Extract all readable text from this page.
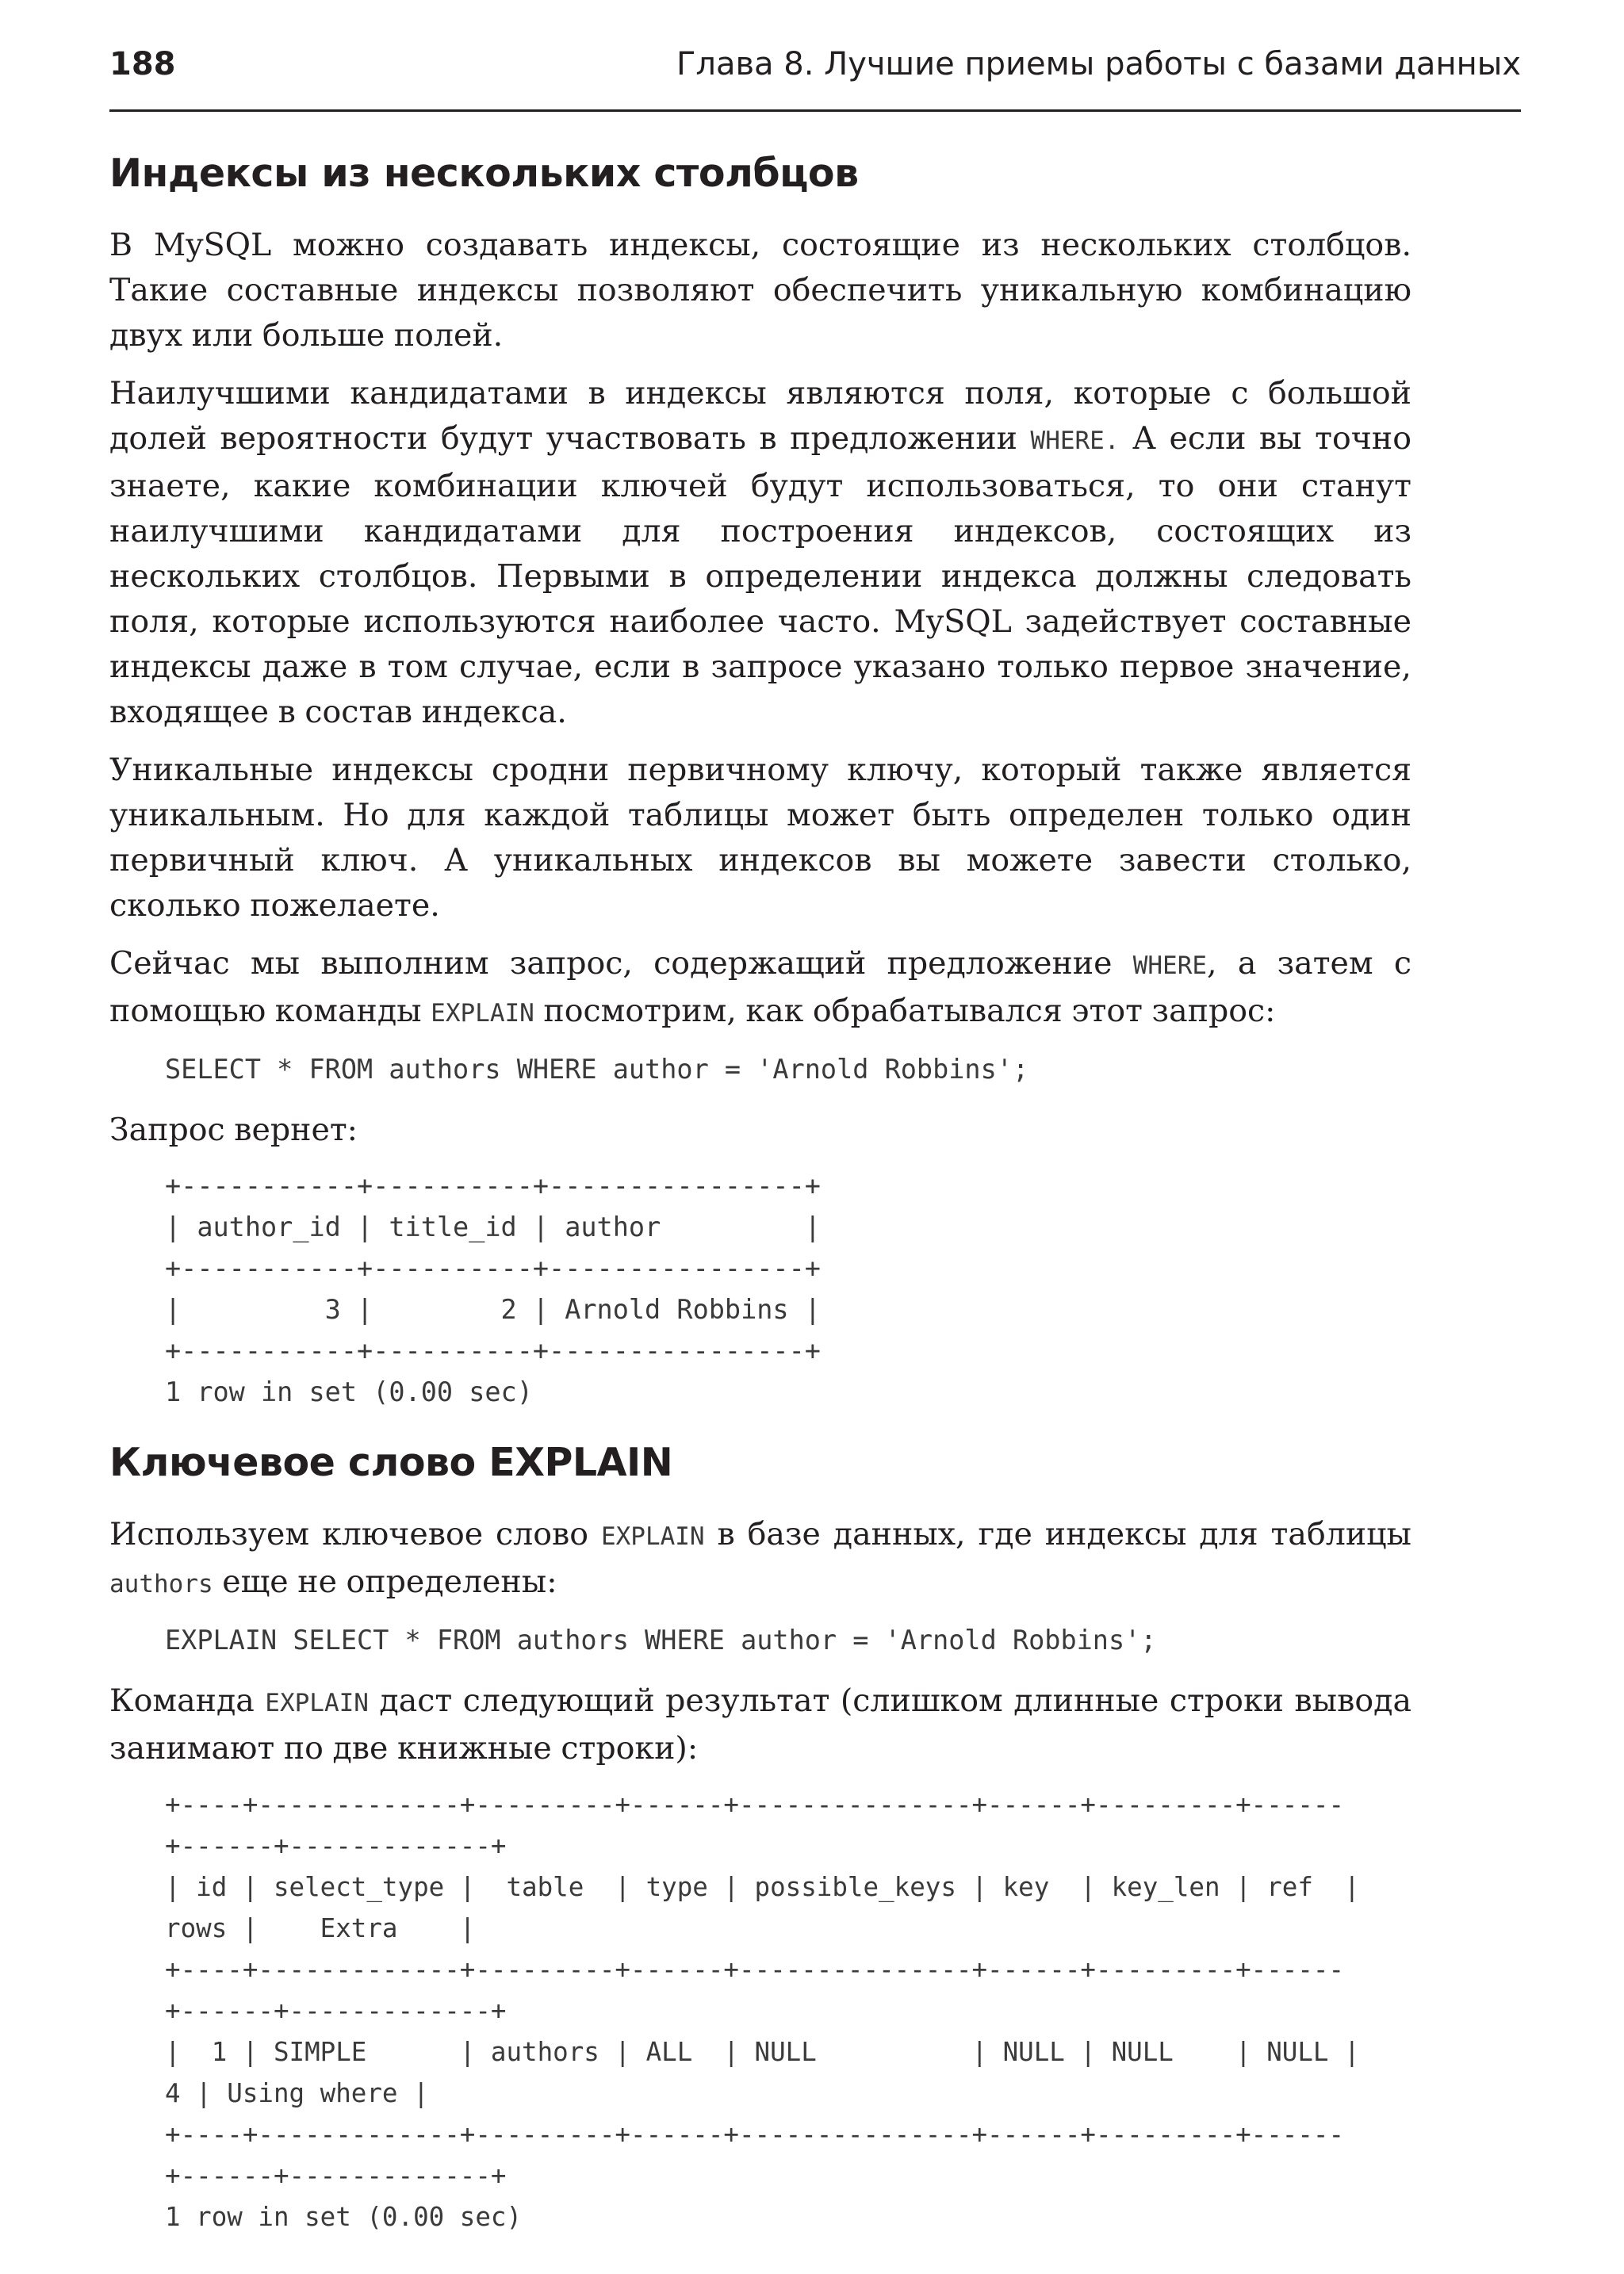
188	Глава 8. Лучшие приемы работы с базами данных
Индексы из нескольких столбцов

В MySQL можно создавать индексы, состоящие из нескольких столбцов. Такие составные индексы позволяют обеспечить уникальную комбинацию двух или больше полей.

Наилучшими кандидатами в индексы являются поля, которые с большой долей вероятности будут участвовать в предложении WHERE. А если вы точно знаете, какие комбинации ключей будут использоваться, то они станут наилучшими кандидатами для построения индексов, состоящих из нескольких столбцов. Первыми в определении индекса должны следовать поля, которые используются наиболее часто. MySQL задействует составные индексы даже в том случае, если в запросе указано только первое значение, входящее в состав индекса.

Уникальные индексы сродни первичному ключу, который также является уникальным. Но для каждой таблицы может быть определен только один первичный ключ. А уникальных индексов вы можете завести столько, сколько пожелаете.

Сейчас мы выполним запрос, содержащий предложение WHERE, а затем с помощью команды EXPLAIN посмотрим, как обрабатывался этот запрос:

SELECT * FROM authors WHERE author = 'Arnold Robbins';

Запрос вернет:

+-----------+----------+----------------+
| author_id | title_id | author         |
+-----------+----------+----------------+
|         3 |        2 | Arnold Robbins |
+-----------+----------+----------------+
1 row in set (0.00 sec)
Ключевое слово EXPLAIN

Используем ключевое слово EXPLAIN в базе данных, где индексы для таблицы authors еще не определены:

EXPLAIN SELECT * FROM authors WHERE author = 'Arnold Robbins';

Команда EXPLAIN даст следующий результат (слишком длинные строки вывода занимают по две книжные строки):

+----+-------------+---------+------+---------------+------+---------+------
+------+-------------+
| id | select_type |  table  | type | possible_keys | key  | key_len | ref  |
rows |    Extra    |
+----+-------------+---------+------+---------------+------+---------+------
+------+-------------+
|  1 | SIMPLE      | authors | ALL  | NULL          | NULL | NULL    | NULL |
4 | Using where |
+----+-------------+---------+------+---------------+------+---------+------
+------+-------------+
1 row in set (0.00 sec)
